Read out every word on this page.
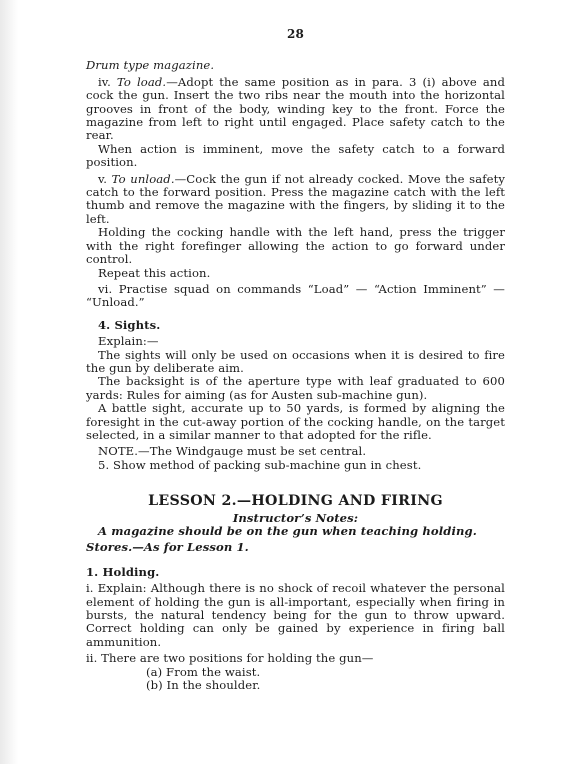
28

Drum type magazine.

iv. To load.—Adopt the same position as in para. 3 (i) above and cock the gun. Insert the two ribs near the mouth into the horizontal grooves in front of the body, winding key to the front. Force the magazine from left to right until engaged. Place safety catch to the rear.

When action is imminent, move the safety catch to a forward position.

v. To unload.—Cock the gun if not already cocked. Move the safety catch to the forward position. Press the magazine catch with the left thumb and remove the magazine with the fingers, by sliding it to the left.

Holding the cocking handle with the left hand, press the trigger with the right forefinger allowing the action to go forward under control.

Repeat this action.

vi. Practise squad on commands “Load” — “Action Imminent” — “Unload.”

4. Sights.

Explain:—

The sights will only be used on occasions when it is desired to fire the gun by deliberate aim.

The backsight is of the aperture type with leaf graduated to 600 yards: Rules for aiming (as for Austen sub-machine gun).

A battle sight, accurate up to 50 yards, is formed by aligning the foresight in the cut-away portion of the cocking handle, on the target selected, in a similar manner to that adopted for the rifle.

NOTE.—The Windgauge must be set central.

5. Show method of packing sub-machine gun in chest.

LESSON 2.—HOLDING AND FIRING

Instructor’s Notes:

A magazine should be on the gun when teaching holding.

Stores.—As for Lesson 1.

1. Holding.

i. Explain: Although there is no shock of recoil whatever the personal element of holding the gun is all-important, especially when firing in bursts, the natural tendency being for the gun to throw upward. Correct holding can only be gained by experience in firing ball ammunition.

ii. There are two positions for holding the gun—

(a) From the waist.

(b) In the shoulder.
